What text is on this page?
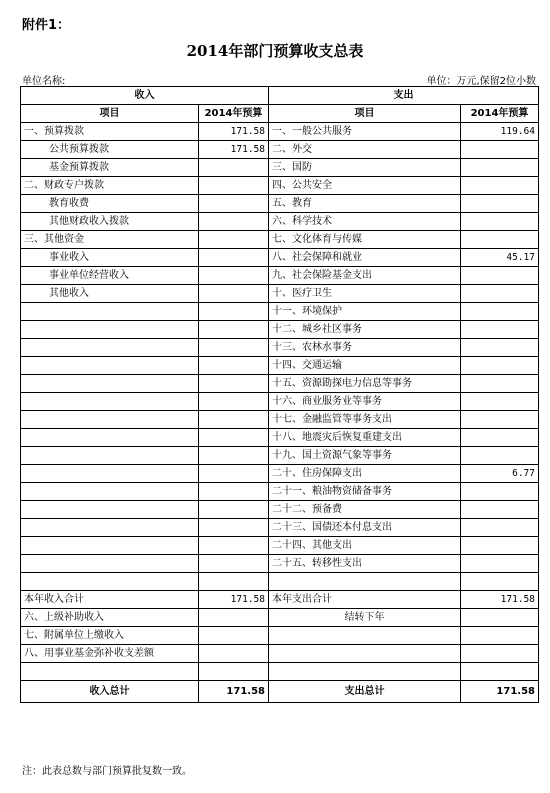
附件1：
2014年部门预算收支总表
单位名称:	单位：万元,保留2位小数
收入		支出	
项目	2014年预算	项目	2014年预算
一、预算拨款	171.58	一、一般公共服务	119.64
公共预算拨款	171.58	二、外交	
基金预算拨款		三、国防	
二、财政专户拨款		四、公共安全	
教育收费		五、教育	
其他财政收入拨款		六、科学技术	
三、其他资金		七、文化体育与传媒	
事业收入		八、社会保障和就业	45.17
事业单位经营收入		九、社会保险基金支出	
其他收入		十、医疗卫生	
		十一、环境保护	
		十二、城乡社区事务	
		十三、农林水事务	
		十四、交通运输	
		十五、资源勘探电力信息等事务	
		十六、商业服务业等事务	
		十七、金融监管等事务支出	
		十八、地震灾后恢复重建支出	
		十九、国土资源气象等事务	
		二十、住房保障支出	6.77
		二十一、粮油物资储备事务	
		二十二、预备费	
		二十三、国债还本付息支出	
		二十四、其他支出	
		二十五、转移性支出	

本年收入合计	171.58	本年支出合计	171.58
六、上级补助收入		结转下年	
七、附属单位上缴收入			
八、用事业基金弥补收支差额			

收入总计	171.58	支出总计	171.58
注：此表总数与部门预算批复数一致。
